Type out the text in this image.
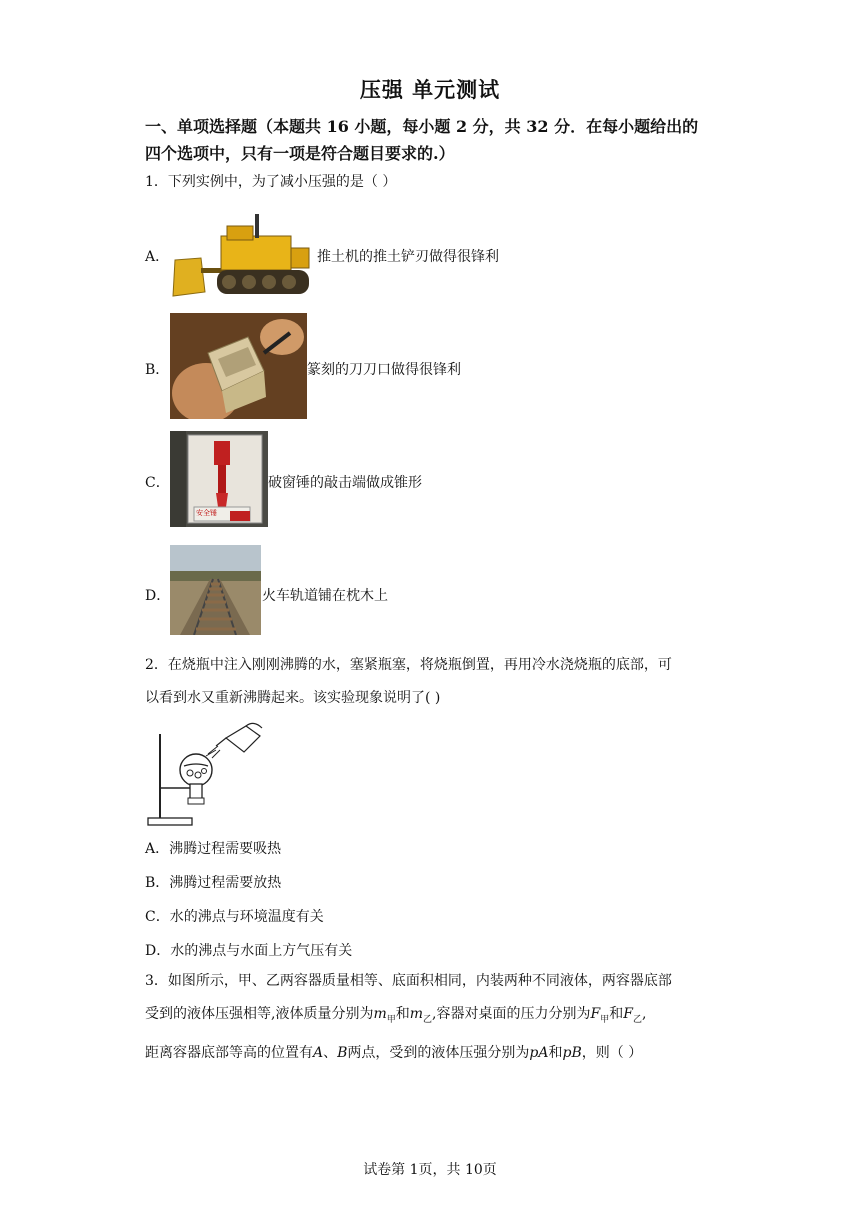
压强 单元测试
一、单项选择题（本题共 16 小题，每小题 2 分，共 32 分．在每小题给出的
四个选项中，只有一项是符合题目要求的.）
1．下列实例中，为了减小压强的是（ ）
A．	推土机的推土铲刃做得很锋利
B．	篆刻的刀刀口做得很锋利
C．
安全锤
破窗锤的敲击端做成锥形
D．	火车轨道铺在枕木上
2．在烧瓶中注入刚刚沸腾的水，塞紧瓶塞，将烧瓶倒置，再用冷水浇烧瓶的底部，可
以看到水又重新沸腾起来。该实验现象说明了( )
A．沸腾过程需要吸热
B．沸腾过程需要放热
C．水的沸点与环境温度有关
D．水的沸点与水面上方气压有关
3．如图所示，甲、乙两容器质量相等、底面积相同，内装两种不同液体，两容器底部
受到的液体压强相等,液体质量分别为$m_甲$和$m_乙$,容器对桌面的压力分别为$F_甲$和$F_乙$,
距离容器底部等高的位置有A、B两点，受到的液体压强分别为pA和pB，则（ ）
试卷第 1页，共 10页
